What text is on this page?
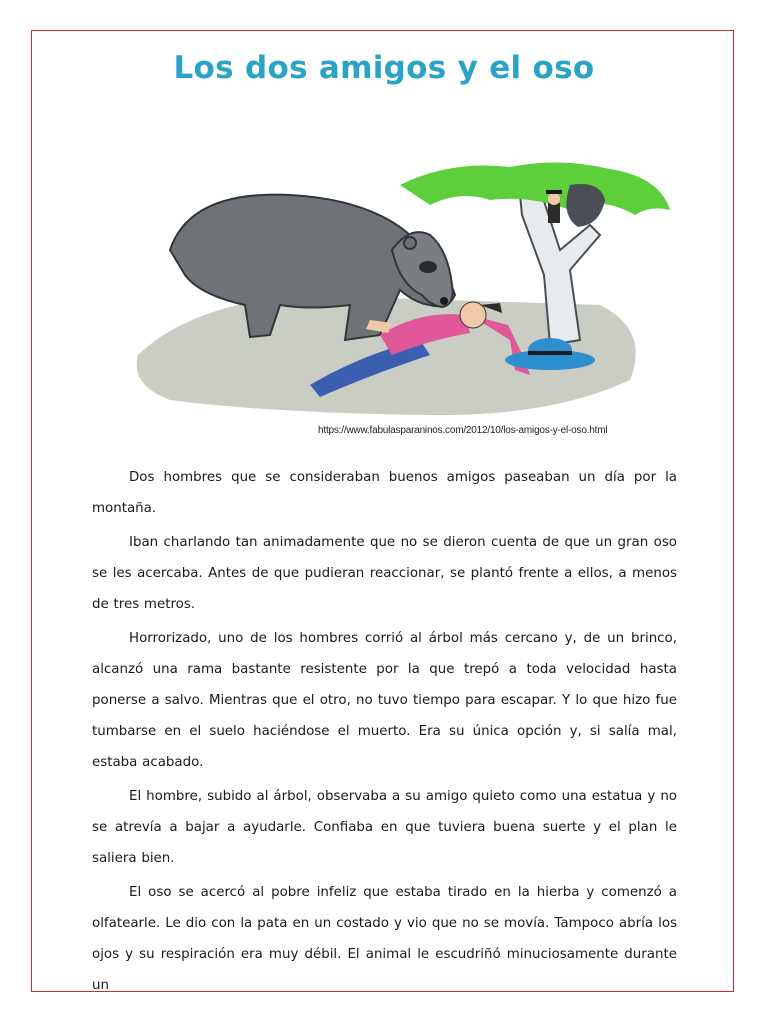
Los dos amigos y el oso
https://www.fabulasparaninos.com/2012/10/los-amigos-y-el-oso.html

Dos hombres que se consideraban buenos amigos paseaban un día por la montaña.

Iban charlando tan animadamente que no se dieron cuenta de que un gran oso se les acercaba. Antes de que pudieran reaccionar, se plantó frente a ellos, a menos de tres metros.

Horrorizado, uno de los hombres corrió al árbol más cercano y, de un brinco, alcanzó una rama bastante resistente por la que trepó a toda velocidad hasta ponerse a salvo. Mientras que el otro, no tuvo tiempo para escapar. Y lo que hizo fue tumbarse en el suelo haciéndose el muerto. Era su única opción y, si salía mal, estaba acabado.

El hombre, subido al árbol, observaba a su amigo quieto como una estatua y no se atrevía a bajar a ayudarle. Confiaba en que tuviera buena suerte y el plan le saliera bien.

El oso se acercó al pobre infeliz que estaba tirado en la hierba y comenzó a olfatearle. Le dio con la pata en un costado y vio que no se movía. Tampoco abría los ojos y su respiración era muy débil. El animal le escudriñó minuciosamente durante un
